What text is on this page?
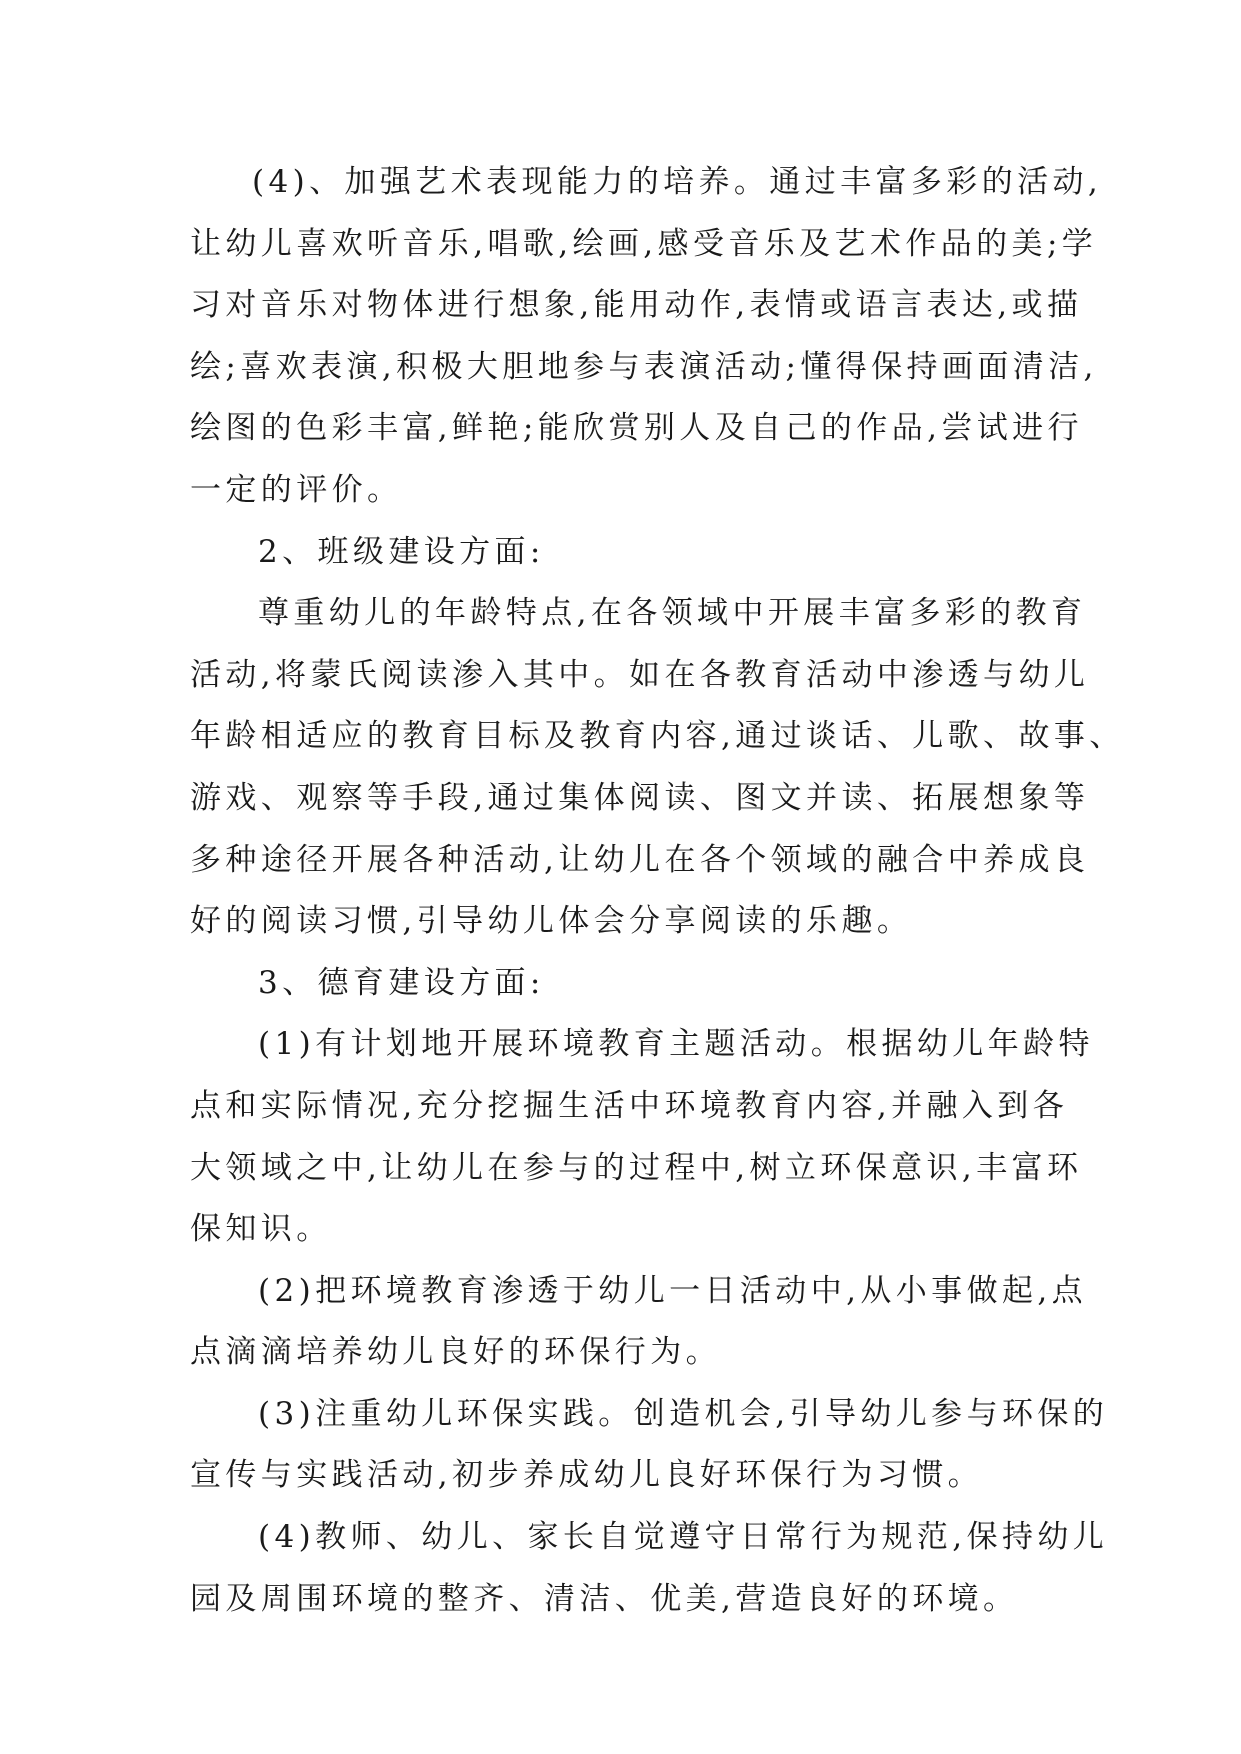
(4)、加强艺术表现能力的培养。通过丰富多彩的活动,
让幼儿喜欢听音乐,唱歌,绘画,感受音乐及艺术作品的美;学
习对音乐对物体进行想象,能用动作,表情或语言表达,或描
绘;喜欢表演,积极大胆地参与表演活动;懂得保持画面清洁,
绘图的色彩丰富,鲜艳;能欣赏别人及自己的作品,尝试进行
一定的评价。
2、班级建设方面:
尊重幼儿的年龄特点,在各领域中开展丰富多彩的教育
活动,将蒙氏阅读渗入其中。如在各教育活动中渗透与幼儿
年龄相适应的教育目标及教育内容,通过谈话、儿歌、故事、
游戏、观察等手段,通过集体阅读、图文并读、拓展想象等
多种途径开展各种活动,让幼儿在各个领域的融合中养成良
好的阅读习惯,引导幼儿体会分享阅读的乐趣。
3、德育建设方面:
(1)有计划地开展环境教育主题活动。根据幼儿年龄特
点和实际情况,充分挖掘生活中环境教育内容,并融入到各
大领域之中,让幼儿在参与的过程中,树立环保意识,丰富环
保知识。
(2)把环境教育渗透于幼儿一日活动中,从小事做起,点
点滴滴培养幼儿良好的环保行为。
(3)注重幼儿环保实践。创造机会,引导幼儿参与环保的
宣传与实践活动,初步养成幼儿良好环保行为习惯。
(4)教师、幼儿、家长自觉遵守日常行为规范,保持幼儿
园及周围环境的整齐、清洁、优美,营造良好的环境。
